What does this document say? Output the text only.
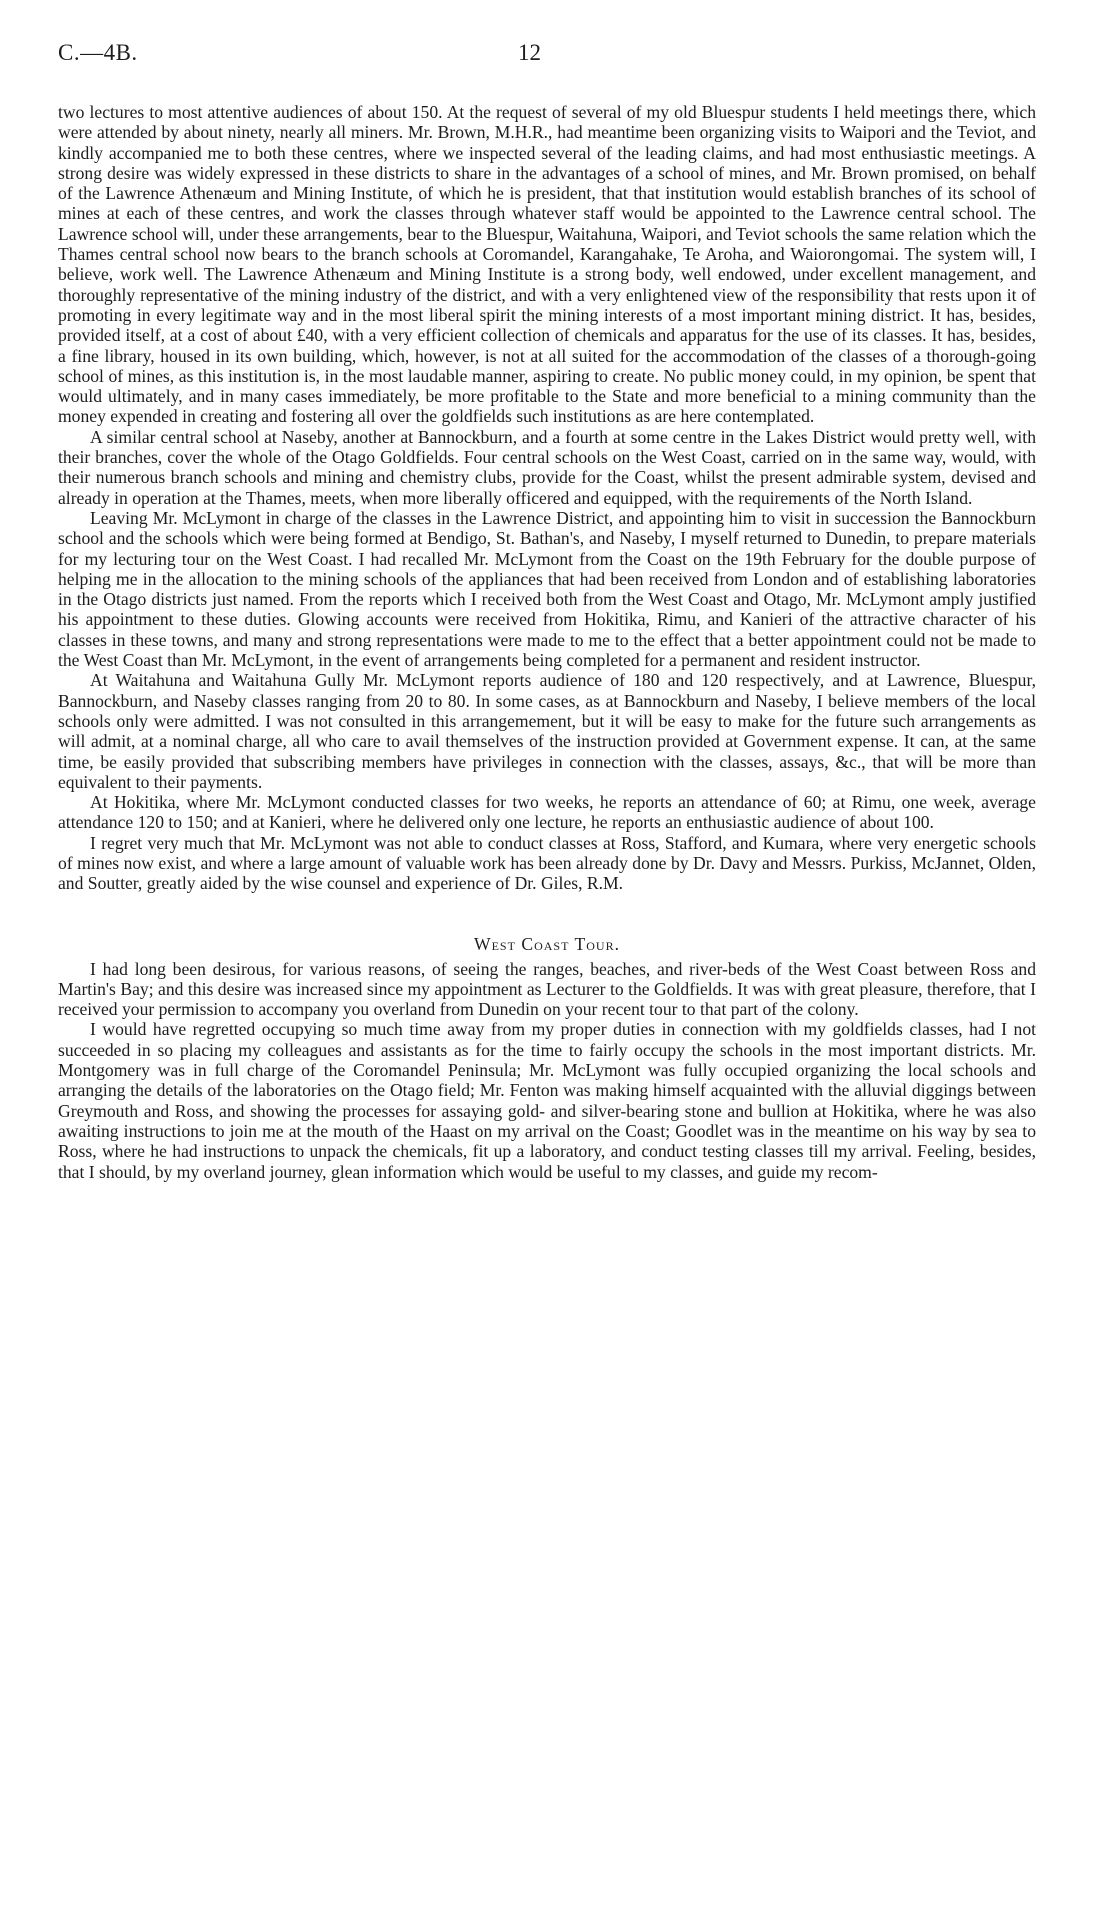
C.—4B.	12

two lectures to most attentive audiences of about 150. At the request of several of my old Bluespur students I held meetings there, which were attended by about ninety, nearly all miners. Mr. Brown, M.H.R., had meantime been organizing visits to Waipori and the Teviot, and kindly accompanied me to both these centres, where we inspected several of the leading claims, and had most enthusiastic meetings. A strong desire was widely expressed in these districts to share in the advantages of a school of mines, and Mr. Brown promised, on behalf of the Lawrence Athenæum and Mining Institute, of which he is president, that that institution would establish branches of its school of mines at each of these centres, and work the classes through whatever staff would be appointed to the Lawrence central school. The Lawrence school will, under these arrangements, bear to the Bluespur, Waitahuna, Waipori, and Teviot schools the same relation which the Thames central school now bears to the branch schools at Coromandel, Karangahake, Te Aroha, and Waiorongomai. The system will, I believe, work well. The Lawrence Athenæum and Mining Institute is a strong body, well endowed, under excellent management, and thoroughly representative of the mining industry of the district, and with a very enlightened view of the responsibility that rests upon it of promoting in every legitimate way and in the most liberal spirit the mining interests of a most important mining district. It has, besides, provided itself, at a cost of about £40, with a very efficient collection of chemicals and apparatus for the use of its classes. It has, besides, a fine library, housed in its own building, which, however, is not at all suited for the accommodation of the classes of a thorough-going school of mines, as this institution is, in the most laudable manner, aspiring to create. No public money could, in my opinion, be spent that would ultimately, and in many cases immediately, be more profitable to the State and more beneficial to a mining community than the money expended in creating and fostering all over the goldfields such institutions as are here contemplated.

A similar central school at Naseby, another at Bannockburn, and a fourth at some centre in the Lakes District would pretty well, with their branches, cover the whole of the Otago Goldfields. Four central schools on the West Coast, carried on in the same way, would, with their numerous branch schools and mining and chemistry clubs, provide for the Coast, whilst the present admirable system, devised and already in operation at the Thames, meets, when more liberally officered and equipped, with the requirements of the North Island.

Leaving Mr. McLymont in charge of the classes in the Lawrence District, and appointing him to visit in succession the Bannockburn school and the schools which were being formed at Bendigo, St. Bathan's, and Naseby, I myself returned to Dunedin, to prepare materials for my lecturing tour on the West Coast. I had recalled Mr. McLymont from the Coast on the 19th February for the double purpose of helping me in the allocation to the mining schools of the appliances that had been received from London and of establishing laboratories in the Otago districts just named. From the reports which I received both from the West Coast and Otago, Mr. McLymont amply justified his appointment to these duties. Glowing accounts were received from Hokitika, Rimu, and Kanieri of the attractive character of his classes in these towns, and many and strong representations were made to me to the effect that a better appointment could not be made to the West Coast than Mr. McLymont, in the event of arrangements being completed for a permanent and resident instructor.

At Waitahuna and Waitahuna Gully Mr. McLymont reports audience of 180 and 120 respectively, and at Lawrence, Bluespur, Bannockburn, and Naseby classes ranging from 20 to 80. In some cases, as at Bannockburn and Naseby, I believe members of the local schools only were admitted. I was not consulted in this arrangemement, but it will be easy to make for the future such arrangements as will admit, at a nominal charge, all who care to avail themselves of the instruction provided at Government expense. It can, at the same time, be easily provided that subscribing members have privileges in connection with the classes, assays, &c., that will be more than equivalent to their payments.

At Hokitika, where Mr. McLymont conducted classes for two weeks, he reports an attendance of 60; at Rimu, one week, average attendance 120 to 150; and at Kanieri, where he delivered only one lecture, he reports an enthusiastic audience of about 100.

I regret very much that Mr. McLymont was not able to conduct classes at Ross, Stafford, and Kumara, where very energetic schools of mines now exist, and where a large amount of valuable work has been already done by Dr. Davy and Messrs. Purkiss, McJannet, Olden, and Soutter, greatly aided by the wise counsel and experience of Dr. Giles, R.M.

West Coast Tour.

I had long been desirous, for various reasons, of seeing the ranges, beaches, and river-beds of the West Coast between Ross and Martin's Bay; and this desire was increased since my appointment as Lecturer to the Goldfields. It was with great pleasure, therefore, that I received your permission to accompany you overland from Dunedin on your recent tour to that part of the colony.

I would have regretted occupying so much time away from my proper duties in connection with my goldfields classes, had I not succeeded in so placing my colleagues and assistants as for the time to fairly occupy the schools in the most important districts. Mr. Montgomery was in full charge of the Coromandel Peninsula; Mr. McLymont was fully occupied organizing the local schools and arranging the details of the laboratories on the Otago field; Mr. Fenton was making himself acquainted with the alluvial diggings between Greymouth and Ross, and showing the processes for assaying gold- and silver-bearing stone and bullion at Hokitika, where he was also awaiting instructions to join me at the mouth of the Haast on my arrival on the Coast; Goodlet was in the meantime on his way by sea to Ross, where he had instructions to unpack the chemicals, fit up a laboratory, and conduct testing classes till my arrival. Feeling, besides, that I should, by my overland journey, glean information which would be useful to my classes, and guide my recom-
